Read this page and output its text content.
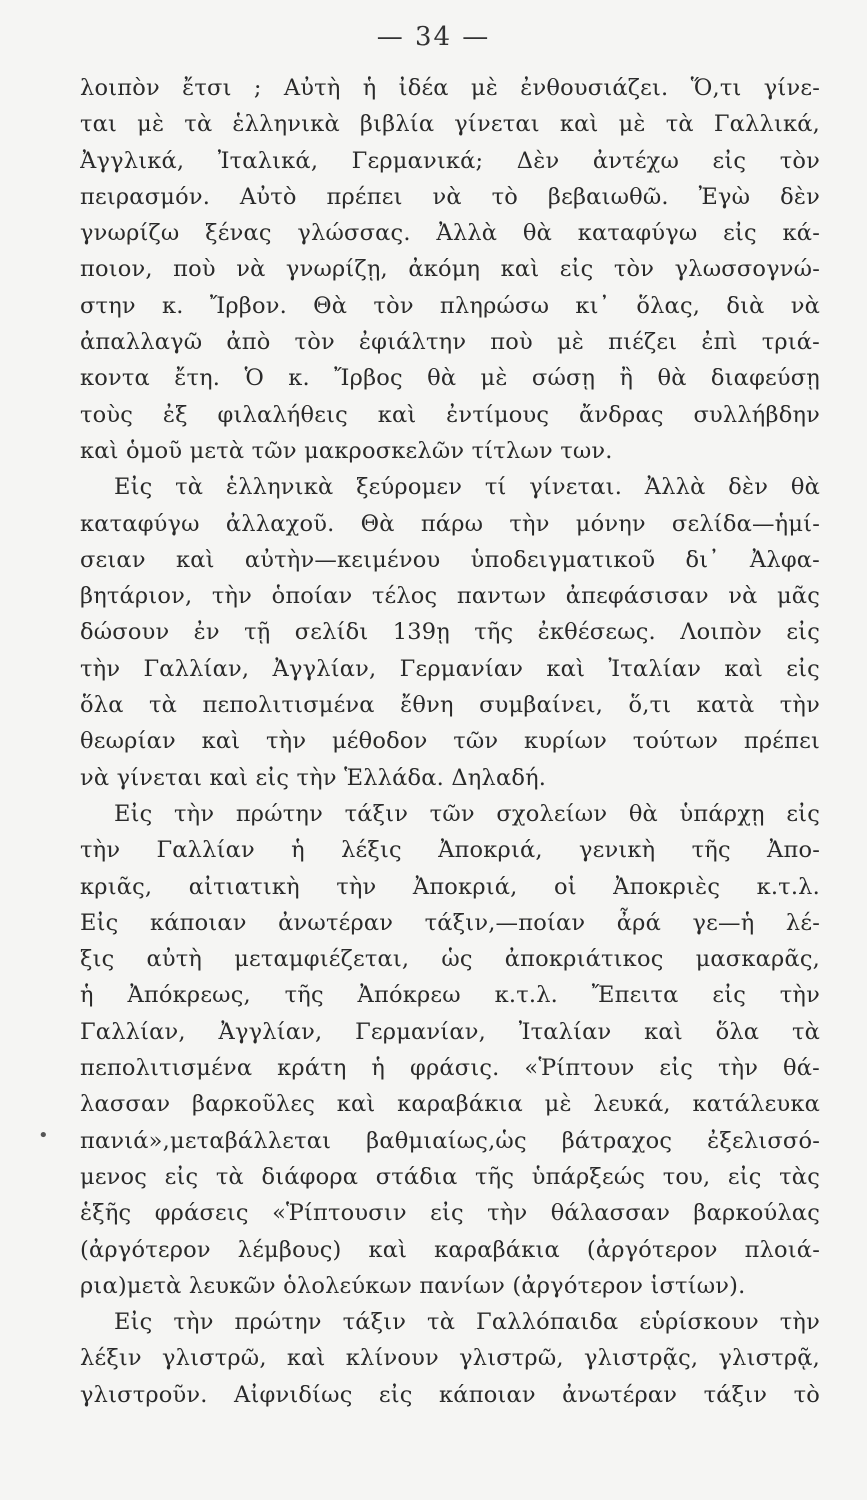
— 34 —
•
λοιπὸν ἔτσι ; Αὐτὴ ἡ ἰδέα μὲ ἐνθουσιάζει. Ὅ,τι γίνε-
ται μὲ τὰ ἑλληνικὰ βιβλία γίνεται καὶ μὲ τὰ Γαλλικά,
Ἀγγλικά, Ἰταλικά, Γερμανικά; Δὲν ἀντέχω εἰς τὸν
πειρασμόν. Αὐτὸ πρέπει νὰ τὸ βεβαιωθῶ. Ἐγὼ δὲν
γνωρίζω ξένας γλώσσας. Ἀλλὰ θὰ καταφύγω εἰς κά-
ποιον, ποὺ νὰ γνωρίζῃ, ἀκόμη καὶ εἰς τὸν γλωσσογνώ-
στην κ. Ἴρβον. Θὰ τὸν πληρώσω κι᾽ ὅλας, διὰ νὰ
ἀπαλλαγῶ ἀπὸ τὸν ἐφιάλτην ποὺ μὲ πιέζει ἐπὶ τριά-
κοντα ἔτη. Ὁ κ. Ἴρβος θὰ μὲ σώσῃ ἢ θὰ διαφεύσῃ
τοὺς ἐξ φιλαλήθεις καὶ ἐντίμους ἄνδρας συλλήβδην
καὶ ὁμοῦ μετὰ τῶν μακροσκελῶν τίτλων των.
Εἰς τὰ ἑλληνικὰ ξεύρομεν τί γίνεται. Ἀλλὰ δὲν θὰ
καταφύγω ἀλλαχοῦ. Θὰ πάρω τὴν μόνην σελίδα—ἡμί-
σειαν καὶ αὐτὴν—κειμένου ὑποδειγματικοῦ δι᾽ Ἀλφα-
βητάριον, τὴν ὁποίαν τέλος παντων ἀπεφάσισαν νὰ μᾶς
δώσουν ἐν τῇ σελίδι 139ῃ τῆς ἐκθέσεως. Λοιπὸν εἰς
τὴν Γαλλίαν, Ἀγγλίαν, Γερμανίαν καὶ Ἰταλίαν καὶ εἰς
ὅλα τὰ πεπολιτισμένα ἔθνη συμβαίνει, ὅ,τι κατὰ τὴν
θεωρίαν καὶ τὴν μέθοδον τῶν κυρίων τούτων πρέπει
νὰ γίνεται καὶ εἰς τὴν Ἑλλάδα. Δηλαδή.
Εἰς τὴν πρώτην τάξιν τῶν σχολείων θὰ ὑπάρχῃ εἰς
τὴν Γαλλίαν ἡ λέξις Ἀποκριά, γενικὴ τῆς Ἀπο-
κριᾶς, αἰτιατικὴ τὴν Ἀποκριά, οἱ Ἀποκριὲς κ.τ.λ.
Εἰς κάποιαν ἀνωτέραν τάξιν,—ποίαν ἆρά γε—ἡ λέ-
ξις αὐτὴ μεταμφιέζεται, ὡς ἀποκριάτικος μασκαρᾶς,
ἡ Ἀπόκρεως, τῆς Ἀπόκρεω κ.τ.λ. Ἔπειτα εἰς τὴν
Γαλλίαν, Ἀγγλίαν, Γερμανίαν, Ἰταλίαν καὶ ὅλα τὰ
πεπολιτισμένα κράτη ἡ φράσις. «Ῥίπτουν εἰς τὴν θά-
λασσαν βαρκοῦλες καὶ καραβάκια μὲ λευκά, κατάλευκα
πανιά»,μεταβάλλεται βαθμιαίως,ὡς βάτραχος ἐξελισσό-
μενος εἰς τὰ διάφορα στάδια τῆς ὑπάρξεώς του, εἰς τὰς
ἑξῆς φράσεις «Ῥίπτουσιν εἰς τὴν θάλασσαν βαρκούλας
(ἀργότερον λέμβους) καὶ καραβάκια (ἀργότερον πλοιά-
ρια)μετὰ λευκῶν ὁλολεύκων πανίων (ἀργότερον ἱστίων).
Εἰς τὴν πρώτην τάξιν τὰ Γαλλόπαιδα εὑρίσκουν τὴν
λέξιν γλιστρῶ, καὶ κλίνουν γλιστρῶ, γλιστρᾷς, γλιστρᾷ,
γλιστροῦν. Αἰφνιδίως εἰς κάποιαν ἀνωτέραν τάξιν τὸ
